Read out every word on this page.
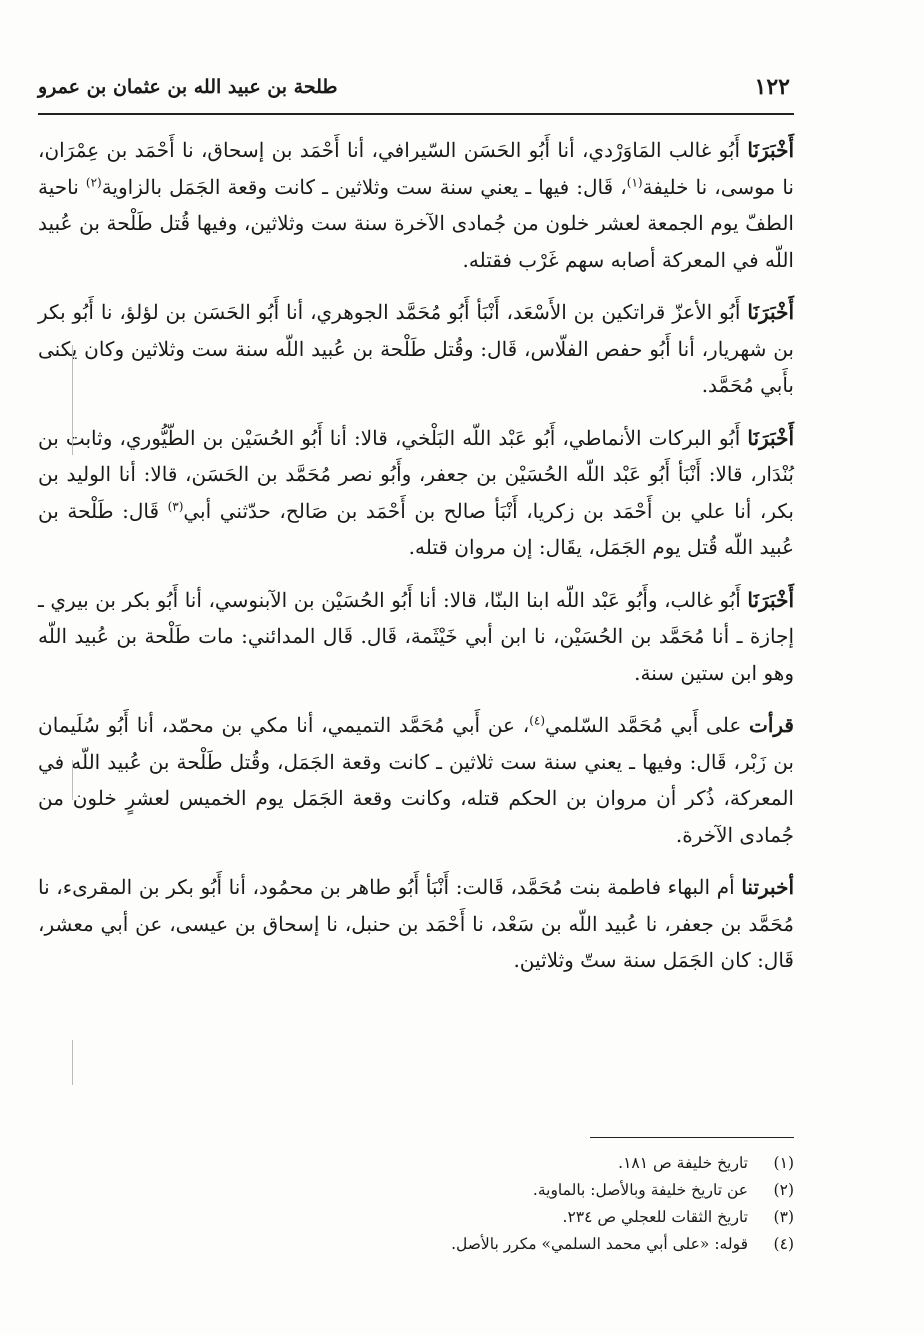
١٢٢
طلحة بن عبيد الله بن عثمان بن عمرو

أَخْبَرَنَا أَبُو غالب المَاوَرْدي، أنا أَبُو الحَسَن السّيرافي، أنا أَحْمَد بن إسحاق، نا أَحْمَد بن عِمْرَان، نا موسى، نا خليفة$^{(١)}$، قَال: فيها ـ يعني سنة ست وثلاثين ـ كانت وقعة الجَمَل بالزاوية$^{(٢)}$ ناحية الطفّ يوم الجمعة لعشر خلون من جُمادى الآخرة سنة ست وثلاثين، وفيها قُتل طَلْحة بن عُبيد اللّه في المعركة أصابه سهم غَرْب فقتله.

أَخْبَرَنَا أَبُو الأعزّ قراتكين بن الأَسْعَد، أَنْبَأ أَبُو مُحَمَّد الجوهري، أنا أَبُو الحَسَن بن لؤلؤ، نا أَبُو بكر بن شهريار، أنا أَبُو حفص الفلّاس، قَال: وقُتل طَلْحة بن عُبيد اللّه سنة ست وثلاثين وكان يكنى بأَبي مُحَمَّد.

أَخْبَرَنَا أَبُو البركات الأنماطي، أَبُو عَبْد اللّه البَلْخي، قالا: أنا أَبُو الحُسَيْن بن الطّيُّوري، وثابت بن بُنْدَار، قالا: أَنْبَأ أَبُو عَبْد اللّه الحُسَيْن بن جعفر، وأَبُو نصر مُحَمَّد بن الحَسَن، قالا: أنا الوليد بن بكر، أنا علي بن أَحْمَد بن زكريا، أَنْبَأ صالح بن أَحْمَد بن صَالح، حدّثني أبي$^{(٣)}$ قَال: طَلْحة بن عُبيد اللّه قُتل يوم الجَمَل، يقَال: إن مروان قتله.

أَخْبَرَنَا أَبُو غالب، وأَبُو عَبْد اللّه ابنا البنّا، قالا: أنا أَبُو الحُسَيْن بن الآبنوسي، أنا أَبُو بكر بن بيري ـ إجازة ـ أنا مُحَمَّد بن الحُسَيْن، نا ابن أبي خَيْثَمة، قَال. قَال المدائني: مات طَلْحة بن عُبيد اللّه وهو ابن ستين سنة.

قرأت على أَبي مُحَمَّد السّلمي$^{(٤)}$، عن أَبي مُحَمَّد التميمي، أنا مكي بن محمّد، أنا أَبُو سُلَيمان بن زَبْر، قَال: وفيها ـ يعني سنة ست ثلاثين ـ كانت وقعة الجَمَل، وقُتل طَلْحة بن عُبيد اللّه في المعركة، ذُكر أن مروان بن الحكم قتله، وكانت وقعة الجَمَل يوم الخميس لعشرٍ خلون من جُمادى الآخرة.

أخبرتنا أم البهاء فاطمة بنت مُحَمَّد، قَالت: أَنْبَأ أَبُو طاهر بن محمُود، أنا أَبُو بكر بن المقرىء، نا مُحَمَّد بن جعفر، نا عُبيد اللّه بن سَعْد، نا أَحْمَد بن حنبل، نا إسحاق بن عيسى، عن أبي معشر، قَال: كان الجَمَل سنة ستّ وثلاثين.

(١)تاريخ خليفة ص ١٨١.

(٢)عن تاريخ خليفة وبالأصل: بالماوية.

(٣)تاريخ الثقات للعجلي ص ٢٣٤.

(٤)قوله: «على أبي محمد السلمي» مكرر بالأصل.
